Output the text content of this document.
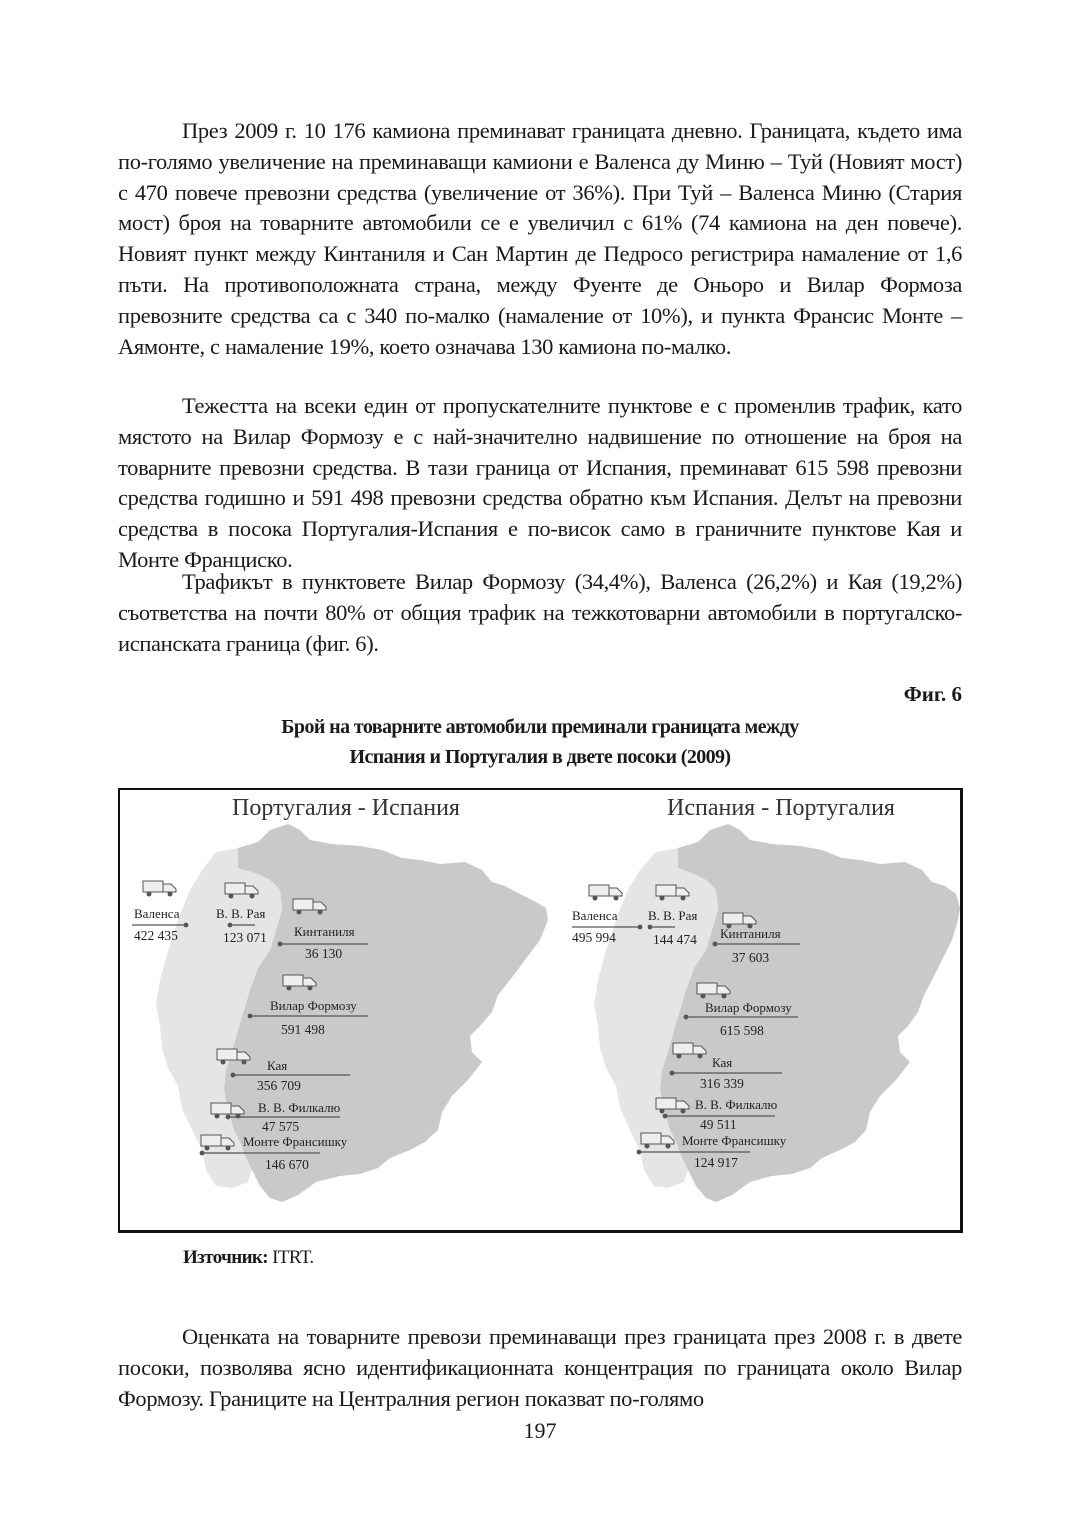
През 2009 г. 10 176 камиона преминават границата дневно. Границата, където има по-голямо увеличение на преминаващи камиони е Валенса ду Миню – Туй (Новият мост) с 470 повече превозни средства (увеличение от 36%). При Туй – Валенса Миню (Стария мост) броя на товарните автомобили се е увеличил с 61% (74 камиона на ден повече). Новият пункт между Кинтаниля и Сан Мартин де Педросо регистрира намаление от 1,6 пъти. На противоположната страна, между Фуенте де Оньоро и Вилар Формоза превозните средства са с 340 по-малко (намаление от 10%), и пункта Франсис Монте – Аямонте, с намаление 19%, което означава 130 камиона по-малко.
Тежестта на всеки един от пропускателните пунктове е с променлив трафик, като мястото на Вилар Формозу е с най-значително надвишение по отношение на броя на товарните превозни средства. В тази граница от Испания, преминават 615 598 превозни средства годишно и 591 498 превозни средства обратно към Испания. Делът на превозни средства в посока Португалия-Испания е по-висок само в граничните пунктове Кая и Монте Франциско.
Трафикът в пунктовете Вилар Формозу (34,4%), Валенса (26,2%) и Кая (19,2%) съответства на почти 80% от общия трафик на тежкотоварни автомобили в португалско-испанската граница (фиг. 6).
Фиг. 6
Брой на товарните автомобили преминали границата между
Испания и Португалия в двете посоки (2009)
Португалия - Испания	Испания - Португалия
Валенса
422 435
В. В. Рая
123 071 Кинтаниля
36 130
Вилар Формозу
591 498
Кая
356 709
В. В. Филкалю
47 575
Монте Франсишку
146 670
Валенса
495 994
В. В. Рая
144 474 Кинтаниля
37 603
Вилар Формозу
615 598
Кая
316 339
В. В. Филкалю
49 511
Монте Франсишку
124 917
Източник: ITRT.
Оценката на товарните превози преминаващи през границата през 2008 г. в двете посоки, позволява ясно идентификационната концентрация по границата около Вилар Формозу. Границите на Централния регион показват по-голямо
197
